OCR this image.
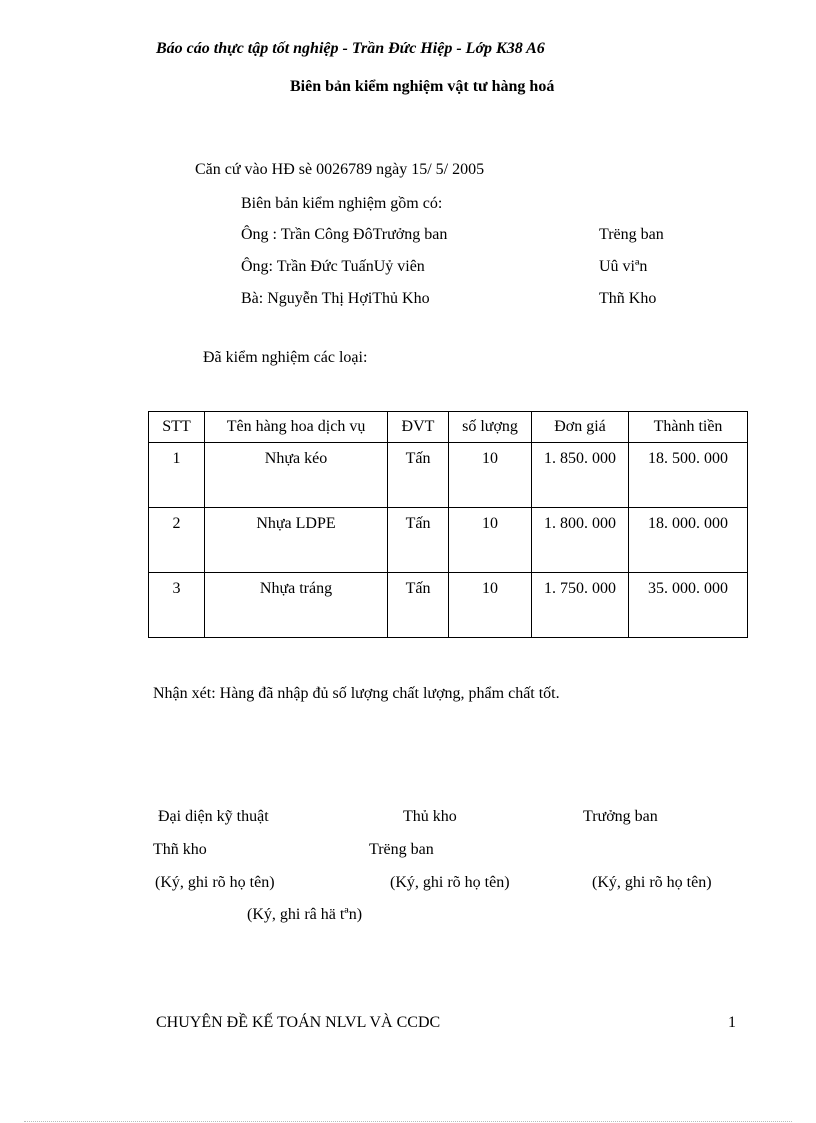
Báo cáo thực tập tốt nghiệp - Trần Đức Hiệp - Lớp K38 A6
Biên bản kiểm nghiệm vật tư hàng hoá
Căn cứ vào HĐ sè 0026789 ngày 15/ 5/ 2005
Biên bản kiểm nghiệm gồm có:
Ông : Trần Công ĐôTrưởng ban	Trëng ban
Ông: Trần Đức TuấnUỷ viên	Uû viªn
Bà: Nguyễn Thị HợiThủ Kho	Thñ Kho
Đã kiểm nghiệm các loại:
STT	Tên hàng hoa dịch vụ	ĐVT	số lượng	Đơn giá	Thành tiền
1	Nhựa kéo	Tấn	10	1. 850. 000	18. 500. 000
2	Nhựa LDPE	Tấn	10	1. 800. 000	18. 000. 000
3	Nhựa tráng	Tấn	10	1. 750. 000	35. 000. 000
Nhận xét: Hàng đã nhập đủ số lượng chất lượng, phẩm chất tốt.
Đại diện kỹ thuật	Thủ kho	Trưởng ban
Thñ kho	Trëng ban
(Ký, ghi rõ họ tên)	(Ký, ghi rõ họ tên)	(Ký, ghi rõ họ tên)
(Ký, ghi râ hä tªn)
CHUYÊN ĐỀ KẾ TOÁN NLVL VÀ CCDC	1
